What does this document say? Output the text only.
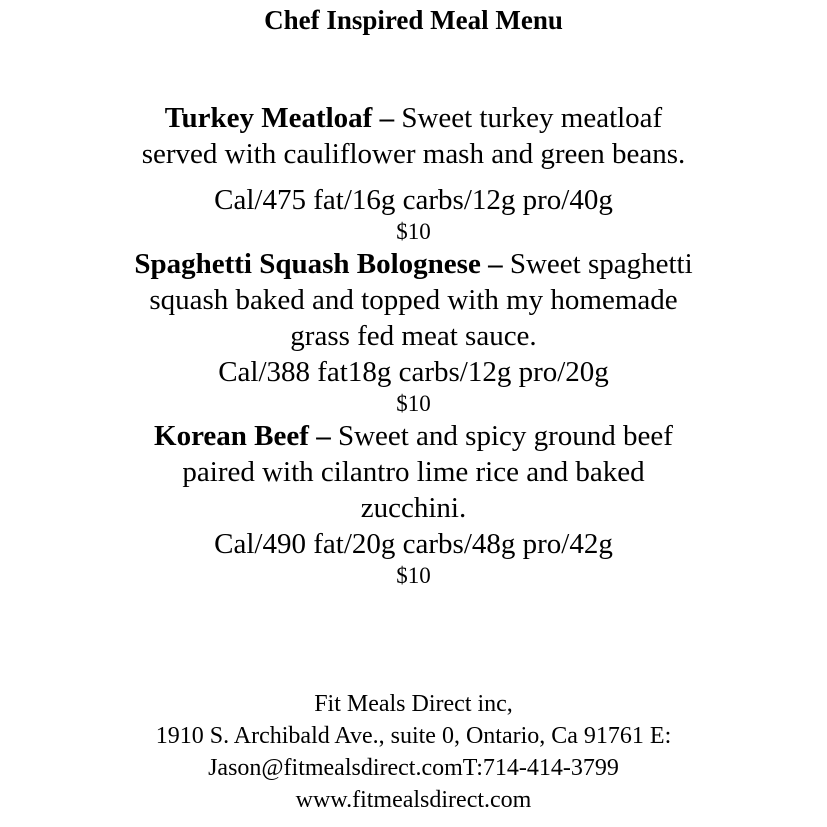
Chef Inspired Meal Menu

Turkey Meatloaf – Sweet turkey meatloaf

served with cauliflower mash and green beans.

Cal/475 fat/16g carbs/12g pro/40g

$10

Spaghetti Squash Bolognese – Sweet spaghetti

squash baked and topped with my homemade

grass fed meat sauce.

Cal/388 fat18g carbs/12g pro/20g

$10

Korean Beef – Sweet and spicy ground beef

paired with cilantro lime rice and baked

zucchini.

Cal/490 fat/20g carbs/48g pro/42g

$10

Fit Meals Direct inc,
1910 S. Archibald Ave., suite 0, Ontario, Ca 91761 E:
Jason@fitmealsdirect.comT:714-414-3799
www.fitmealsdirect.com
